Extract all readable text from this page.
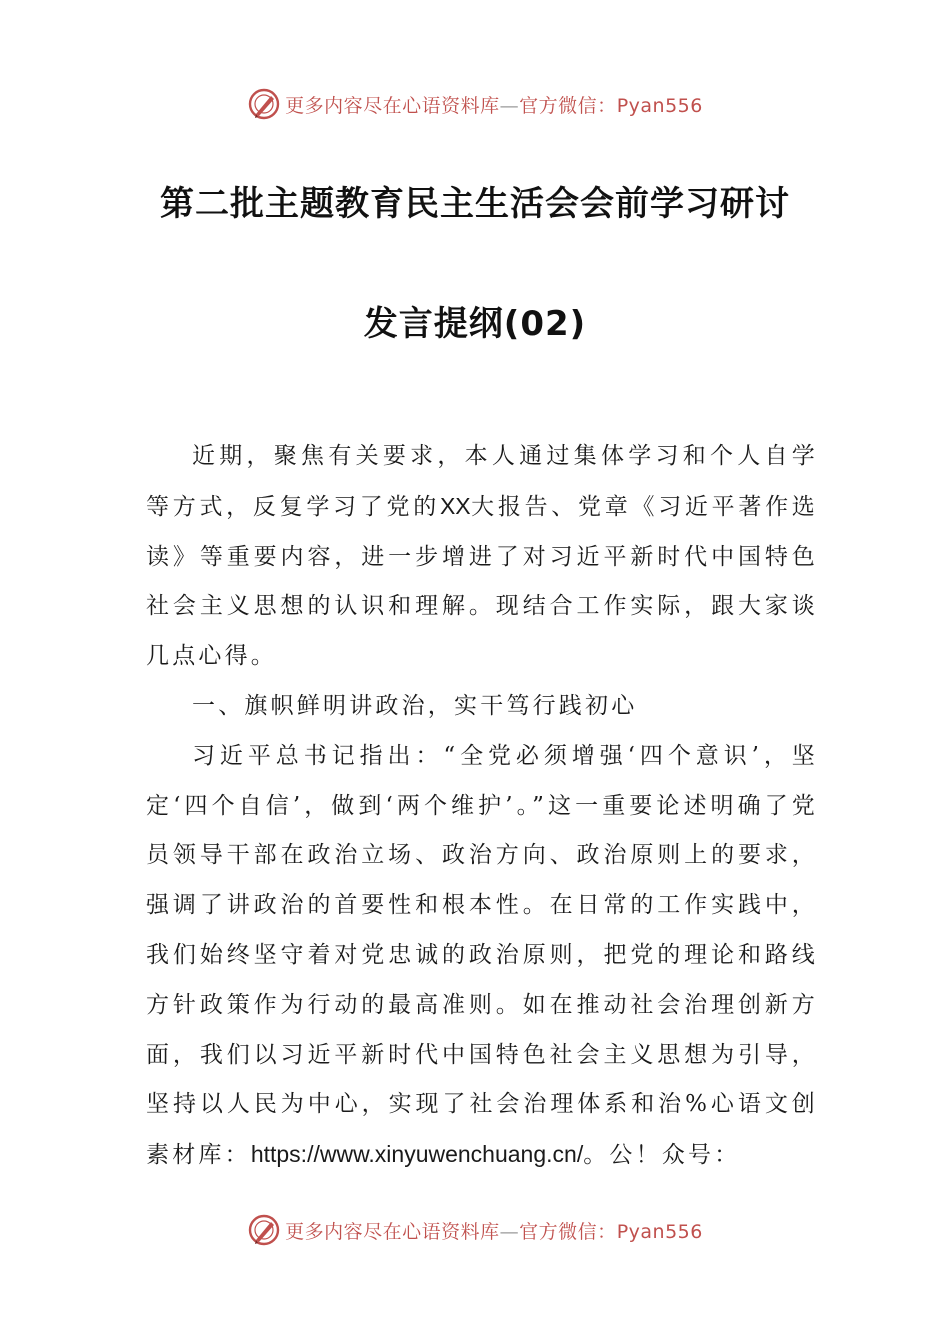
更多内容尽在心语资料库—官方微信：Pyan556
第二批主题教育民主生活会会前学习研讨
发言提纲(02)

近期，聚焦有关要求，本人通过集体学习和个人自学等方式，反复学习了党的XX大报告、党章《习近平著作选读》等重要内容，进一步增进了对习近平新时代中国特色社会主义思想的认识和理解。现结合工作实际，跟大家谈几点心得。

一、旗帜鲜明讲政治，实干笃行践初心

习近平总书记指出：“全党必须增强‘四个意识’，坚定‘四个自信’，做到‘两个维护’。”这一重要论述明确了党员领导干部在政治立场、政治方向、政治原则上的要求，强调了讲政治的首要性和根本性。在日常的工作实践中，我们始终坚守着对党忠诚的政治原则，把党的理论和路线方针政策作为行动的最高准则。如在推动社会治理创新方面，我们以习近平新时代中国特色社会主义思想为引导，坚持以人民为中心，实现了社会治理体系和治%心语文创素材库：https://www.xinyuwenchuang.cn/。公！众号：

更多内容尽在心语资料库—官方微信：Pyan556
